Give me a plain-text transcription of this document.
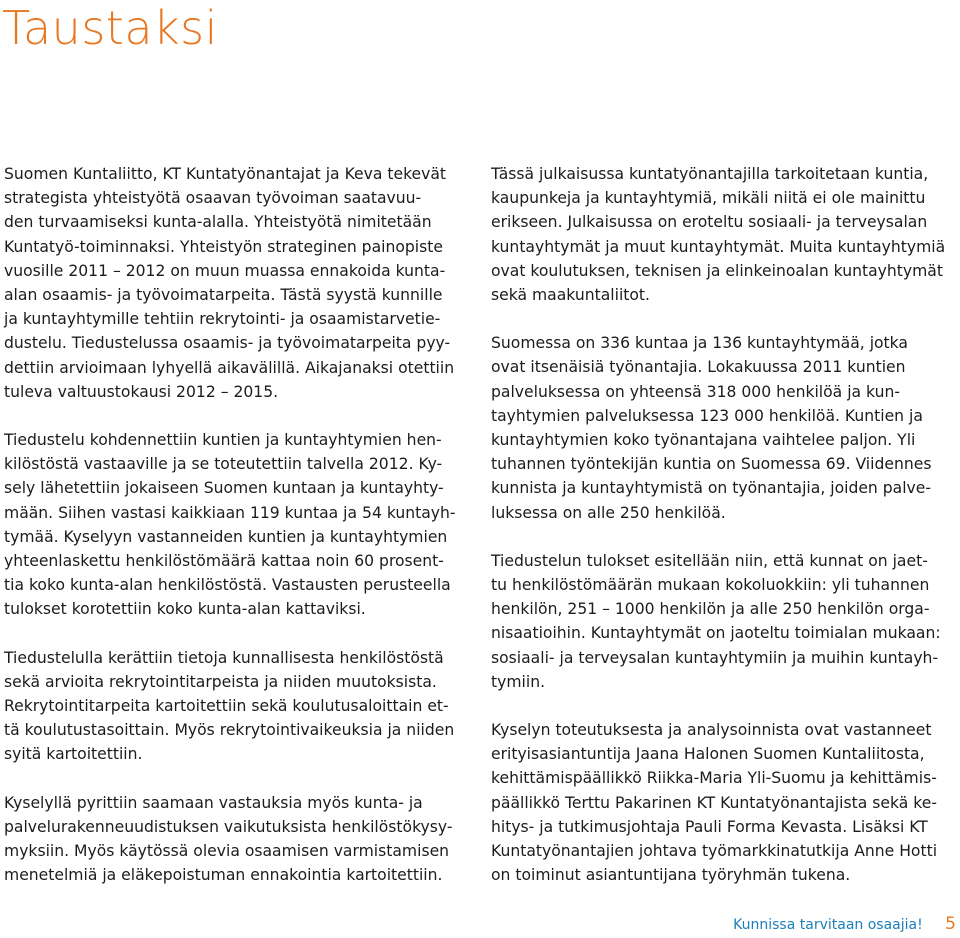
Taustaksi

Suomen Kuntaliitto, KT Kuntatyönantajat ja Keva tekevät
strategista yhteistyötä osaavan työvoiman saatavuu-
den turvaamiseksi kunta-alalla. Yhteistyötä nimitetään
Kuntatyö-toiminnaksi. Yhteistyön strateginen painopiste
vuosille 2011 – 2012 on muun muassa ennakoida kunta-
alan osaamis- ja työvoimatarpeita. Tästä syystä kunnille
ja kuntayhtymille tehtiin rekrytointi- ja osaamistarvetie-
dustelu. Tiedustelussa osaamis- ja työvoimatarpeita pyy-
dettiin arvioimaan lyhyellä aikavälillä. Aikajanaksi otettiin
tuleva valtuustokausi 2012 – 2015.

Tiedustelu kohdennettiin kuntien ja kuntayhtymien hen-
kilöstöstä vastaaville ja se toteutettiin talvella 2012. Ky-
sely lähetettiin jokaiseen Suomen kuntaan ja kuntayhty-
mään. Siihen vastasi kaikkiaan 119 kuntaa ja 54 kuntayh-
tymää. Kyselyyn vastanneiden kuntien ja kuntayhtymien
yhteenlaskettu henkilöstömäärä kattaa noin 60 prosent-
tia koko kunta-alan henkilöstöstä. Vastausten perusteella
tulokset korotettiin koko kunta-alan kattaviksi.

Tiedustelulla kerättiin tietoja kunnallisesta henkilöstöstä
sekä arvioita rekrytointitarpeista ja niiden muutoksista.
Rekrytointitarpeita kartoitettiin sekä koulutusaloittain et-
tä koulutustasoittain. Myös rekrytointivaikeuksia ja niiden
syitä kartoitettiin.

Kyselyllä pyrittiin saamaan vastauksia myös kunta- ja
palvelurakenneuudistuksen vaikutuksista henkilöstökysy-
myksiin. Myös käytössä olevia osaamisen varmistamisen
menetelmiä ja eläkepoistuman ennakointia kartoitettiin.

Tässä julkaisussa kuntatyönantajilla tarkoitetaan kuntia,
kaupunkeja ja kuntayhtymiä, mikäli niitä ei ole mainittu
erikseen. Julkaisussa on eroteltu sosiaali- ja terveysalan
kuntayhtymät ja muut kuntayhtymät. Muita kuntayhtymiä
ovat koulutuksen, teknisen ja elinkeinoalan kuntayhtymät
sekä maakuntaliitot.

Suomessa on 336 kuntaa ja 136 kuntayhtymää, jotka
ovat itsenäisiä työnantajia. Lokakuussa 2011 kuntien
palveluksessa on yhteensä 318 000 henkilöä ja kun-
tayhtymien palveluksessa 123 000 henkilöä. Kuntien ja
kuntayhtymien koko työnantajana vaihtelee paljon. Yli
tuhannen työntekijän kuntia on Suomessa 69. Viidennes
kunnista ja kuntayhtymistä on työnantajia, joiden palve-
luksessa on alle 250 henkilöä.

Tiedustelun tulokset esitellään niin, että kunnat on jaet-
tu henkilöstömäärän mukaan kokoluokkiin: yli tuhannen
henkilön, 251 – 1000 henkilön ja alle 250 henkilön orga-
nisaatioihin. Kuntayhtymät on jaoteltu toimialan mukaan:
sosiaali- ja terveysalan kuntayhtymiin ja muihin kuntayh-
tymiin.

Kyselyn toteutuksesta ja analysoinnista ovat vastanneet
erityisasiantuntija Jaana Halonen Suomen Kuntaliitosta,
kehittämispäällikkö Riikka-Maria Yli-Suomu ja kehittämis-
päällikkö Terttu Pakarinen KT Kuntatyönantajista sekä ke-
hitys- ja tutkimusjohtaja Pauli Forma Kevasta. Lisäksi KT
Kuntatyönantajien johtava työmarkkinatutkija Anne Hotti
on toiminut asiantuntijana työryhmän tukena.

Kunnissa tarvitaan osaajia! 5
